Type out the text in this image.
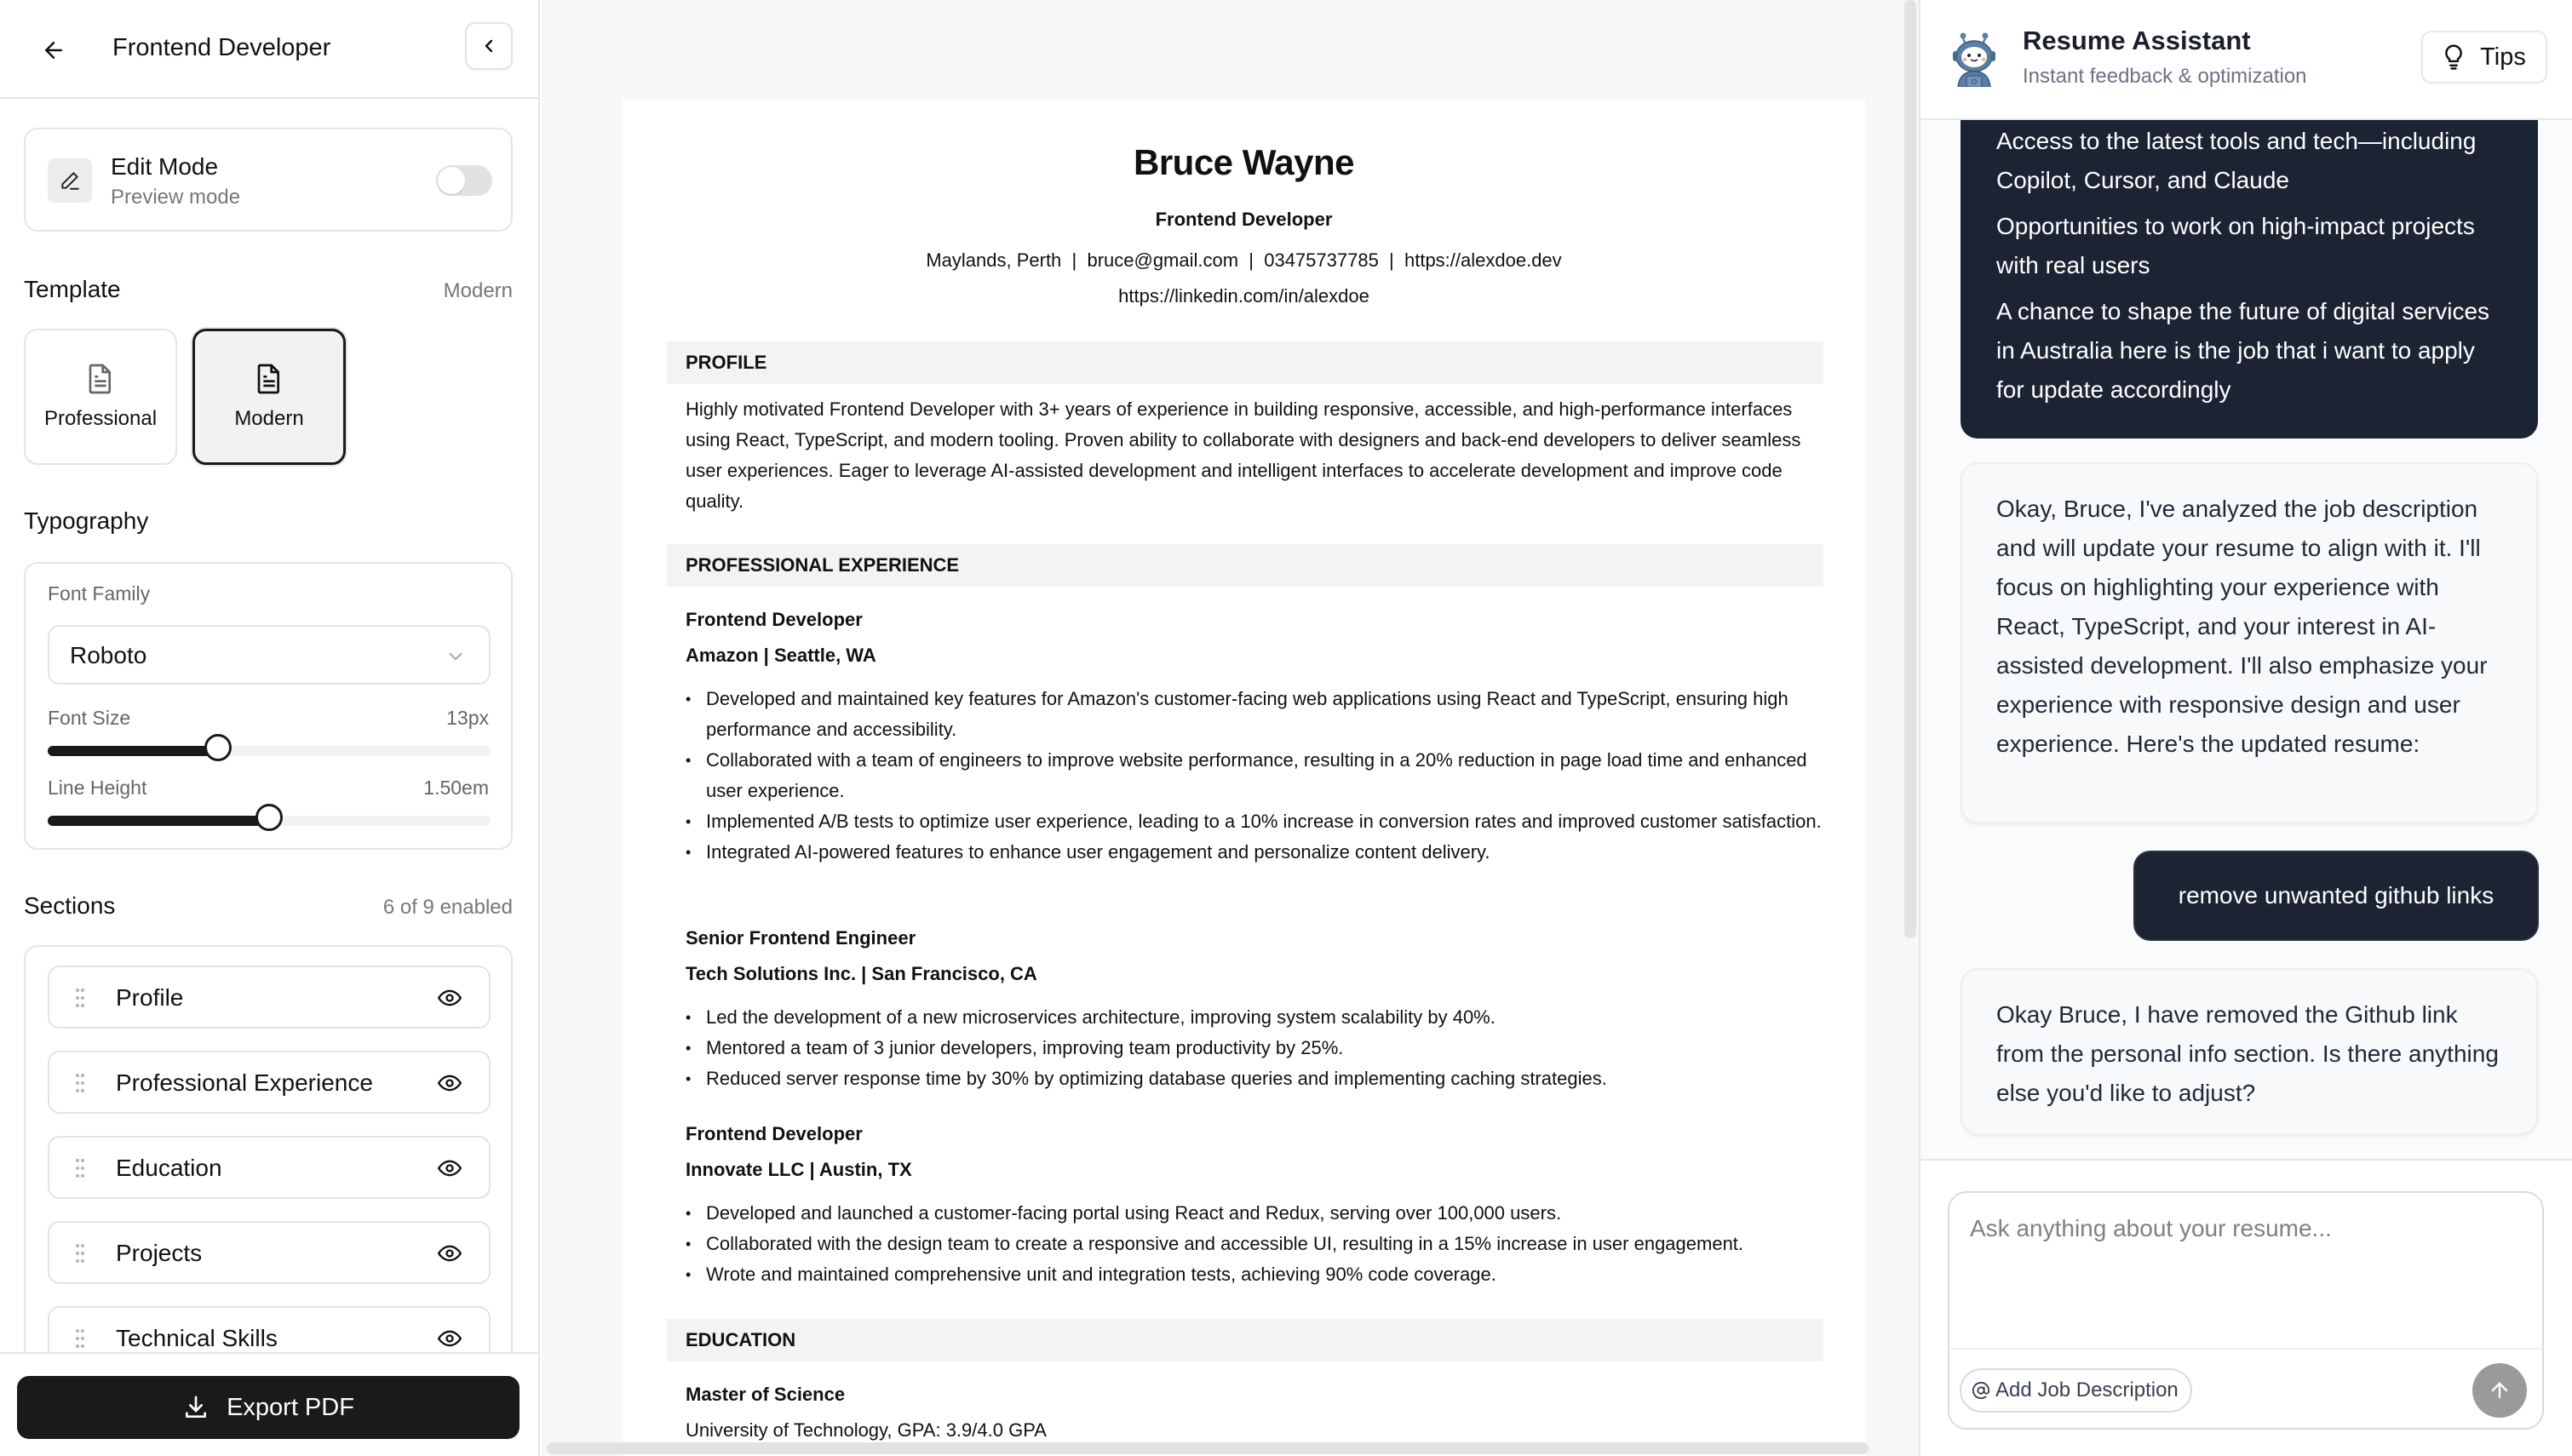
Frontend Developer
Edit Mode
Preview mode
Template	Modern
Professional	Modern
Typography
Font Family
Roboto
Font Size	13px
Line Height	1.50em
Sections	6 of 9 enabled
Profile
Professional Experience
Education
Projects
Technical Skills
Export PDF
Bruce Wayne
Frontend Developer
Maylands, Perth  |  bruce@gmail.com  |  03475737785  |  https://alexdoe.dev
https://linkedin.com/in/alexdoe
PROFILE
Highly motivated Frontend Developer with 3+ years of experience in building responsive, accessible, and high-performance interfaces using React, TypeScript, and modern tooling. Proven ability to collaborate with designers and back-end developers to deliver seamless user experiences. Eager to leverage AI-assisted development and intelligent interfaces to accelerate development and improve code quality.
PROFESSIONAL EXPERIENCE
Frontend Developer
Amazon | Seattle, WA
• Developed and maintained key features for Amazon's customer-facing web applications using React and TypeScript, ensuring high performance and accessibility.
• Collaborated with a team of engineers to improve website performance, resulting in a 20% reduction in page load time and enhanced user experience.
• Implemented A/B tests to optimize user experience, leading to a 10% increase in conversion rates and improved customer satisfaction.
• Integrated AI-powered features to enhance user engagement and personalize content delivery.
Senior Frontend Engineer
Tech Solutions Inc. | San Francisco, CA
• Led the development of a new microservices architecture, improving system scalability by 40%.
• Mentored a team of 3 junior developers, improving team productivity by 25%.
• Reduced server response time by 30% by optimizing database queries and implementing caching strategies.
Frontend Developer
Innovate LLC | Austin, TX
• Developed and launched a customer-facing portal using React and Redux, serving over 100,000 users.
• Collaborated with the design team to create a responsive and accessible UI, resulting in a 15% increase in user engagement.
• Wrote and maintained comprehensive unit and integration tests, achieving 90% code coverage.
EDUCATION
Master of Science
University of Technology, GPA: 3.9/4.0 GPA
Resume Assistant
Instant feedback & optimization
Tips

Access to the latest tools and tech—including Copilot, Cursor, and Claude

Opportunities to work on high-impact projects with real users

A chance to shape the future of digital services in Australia here is the job that i want to apply for update accordingly

Okay, Bruce, I've analyzed the job description and will update your resume to align with it. I'll focus on highlighting your experience with React, TypeScript, and your interest in AI-assisted development. I'll also emphasize your experience with responsive design and user experience. Here's the updated resume:
remove unwanted github links
Okay Bruce, I have removed the Github link from the personal info section. Is there anything else you'd like to adjust?
Ask anything about your resume...
Add Job Description
